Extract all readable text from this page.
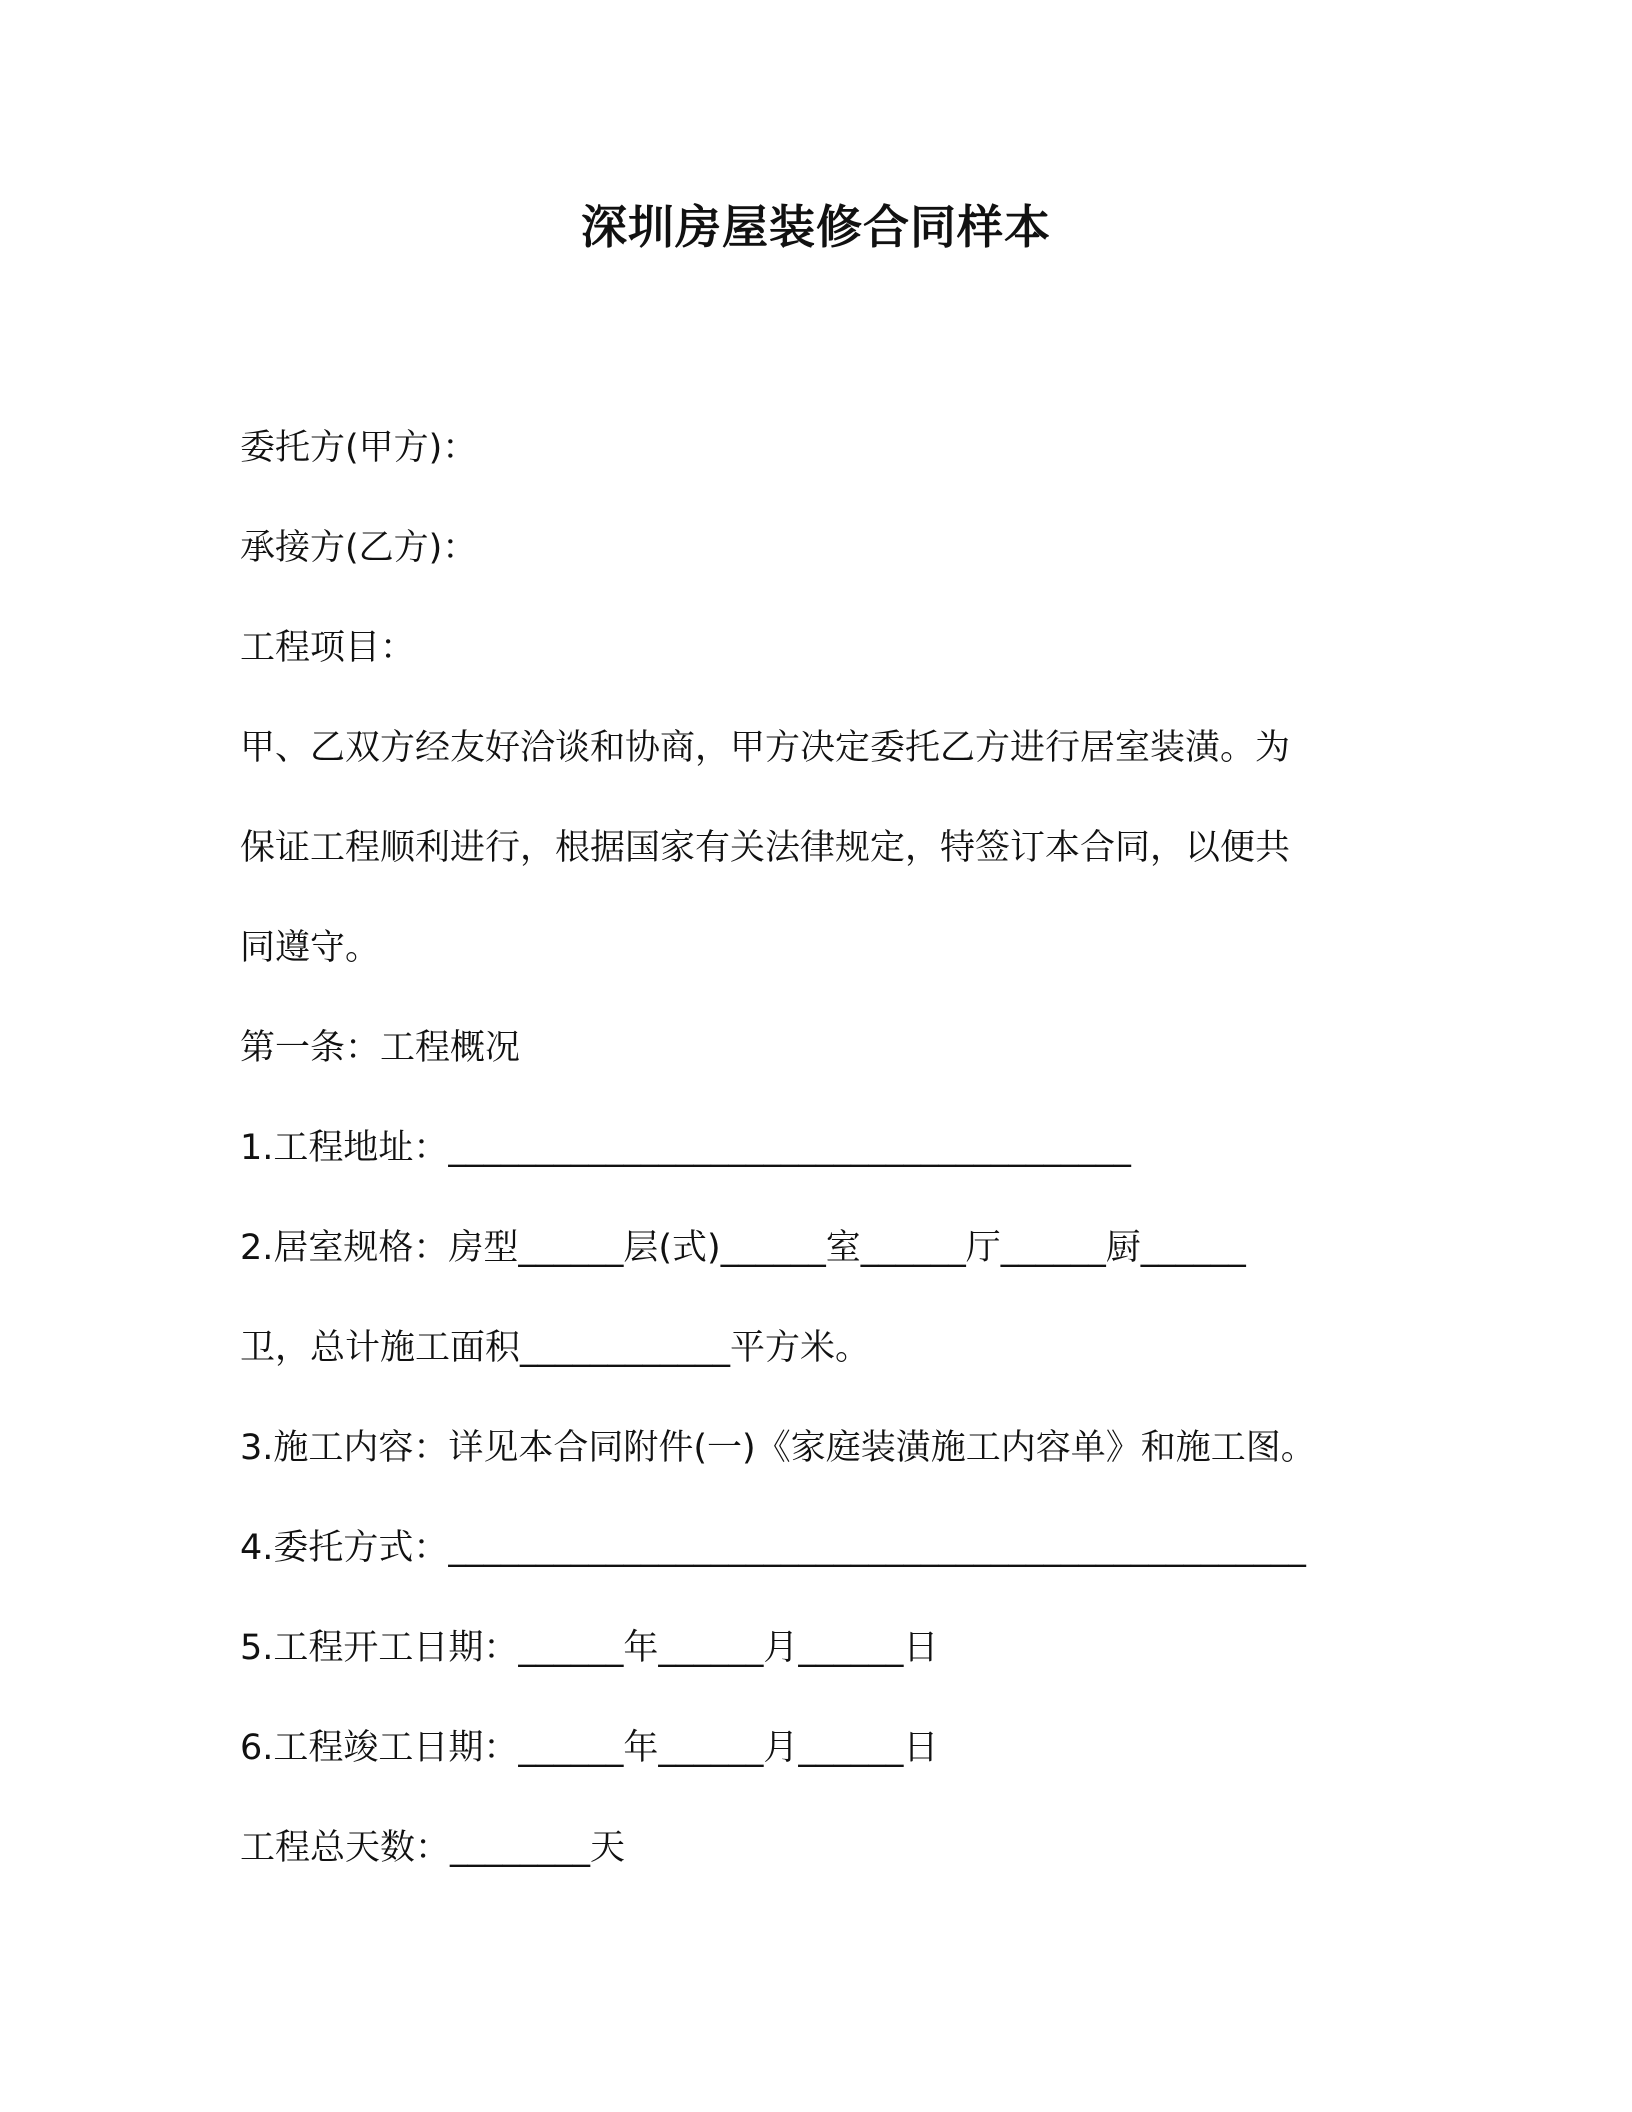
深圳房屋装修合同样本

委托方(甲方)：

承接方(乙方)：

工程项目：

甲、乙双方经友好洽谈和协商，甲方决定委托乙方进行居室装潢。为

保证工程顺利进行，根据国家有关法律规定，特签订本合同，以便共

同遵守。

第一条：工程概况

1.工程地址：_______________________________________

2.居室规格：房型______层(式)______室______厅______厨______

卫，总计施工面积____________平方米。

3.施工内容：详见本合同附件(一)《家庭装潢施工内容单》和施工图。

4.委托方式：_________________________________________________

5.工程开工日期：______年______月______日

6.工程竣工日期：______年______月______日

工程总天数：________天
